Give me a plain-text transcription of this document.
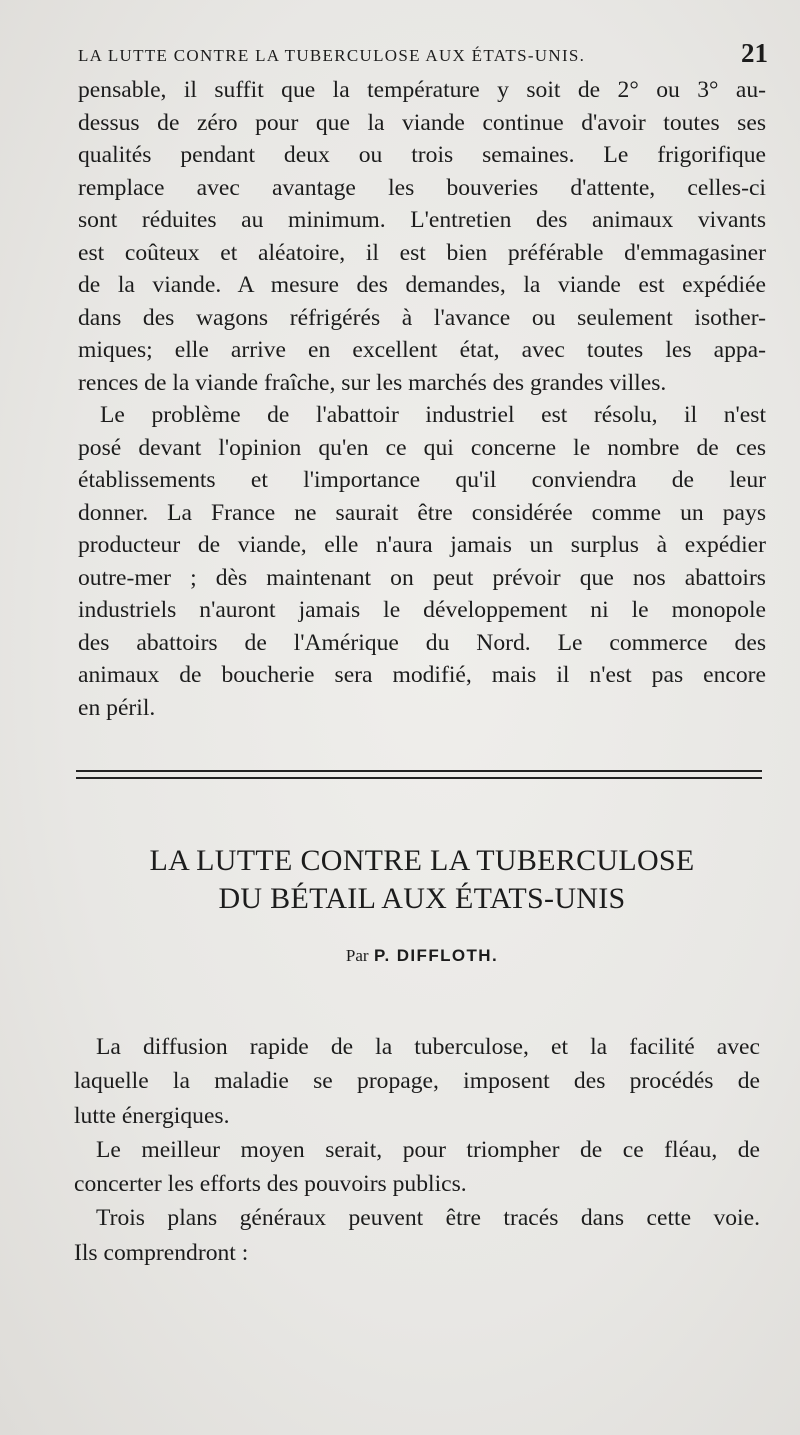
LA LUTTE CONTRE LA TUBERCULOSE AUX ÉTATS-UNIS.	21
pensable, il suffit que la température y soit de 2° ou 3° au-
dessus de zéro pour que la viande continue d'avoir toutes ses
qualités pendant deux ou trois semaines. Le frigorifique
remplace avec avantage les bouveries d'attente, celles-ci
sont réduites au minimum. L'entretien des animaux vivants
est coûteux et aléatoire, il est bien préférable d'emmagasiner
de la viande. A mesure des demandes, la viande est expédiée
dans des wagons réfrigérés à l'avance ou seulement isother-
miques; elle arrive en excellent état, avec toutes les appa-
rences de la viande fraîche, sur les marchés des grandes villes.
Le problème de l'abattoir industriel est résolu, il n'est
posé devant l'opinion qu'en ce qui concerne le nombre de ces
établissements et l'importance qu'il conviendra de leur
donner. La France ne saurait être considérée comme un pays
producteur de viande, elle n'aura jamais un surplus à expédier
outre-mer ; dès maintenant on peut prévoir que nos abattoirs
industriels n'auront jamais le développement ni le monopole
des abattoirs de l'Amérique du Nord. Le commerce des
animaux de boucherie sera modifié, mais il n'est pas encore
en péril.
LA LUTTE CONTRE LA TUBERCULOSE
DU BÉTAIL AUX ÉTATS-UNIS
Par P. DIFFLOTH.
La diffusion rapide de la tuberculose, et la facilité avec
laquelle la maladie se propage, imposent des procédés de
lutte énergiques.
Le meilleur moyen serait, pour triompher de ce fléau, de
concerter les efforts des pouvoirs publics.
Trois plans généraux peuvent être tracés dans cette voie.
Ils comprendront :
